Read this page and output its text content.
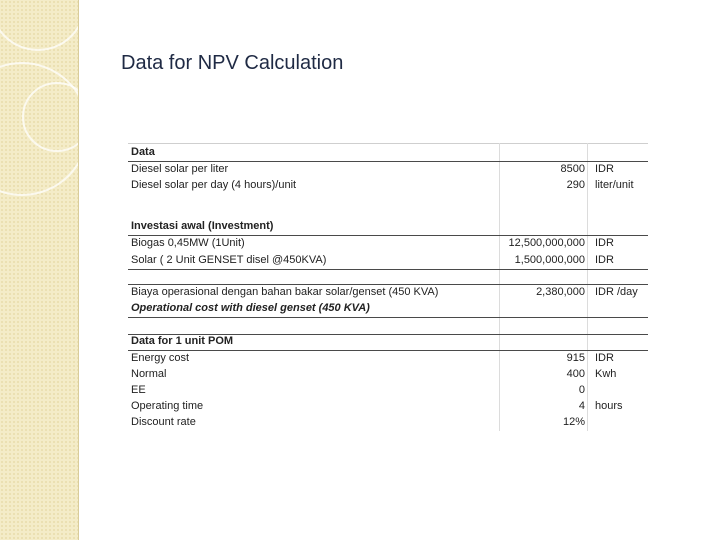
Data for NPV Calculation
Data
Diesel solar per liter	8500 IDR
Diesel solar per day (4 hours)/unit	290 liter/unit
Investasi awal (Investment)
Biogas 0,45MW (1Unit)	12,500,000,000 IDR
Solar ( 2 Unit GENSET disel @450KVA)	1,500,000,000 IDR
Biaya operasional dengan bahan bakar solar/genset (450 KVA)	2,380,000 IDR /day
Operational cost with diesel genset (450 KVA)
Data for 1 unit POM
Energy cost	915 IDR
Normal	400 Kwh
EE	0
Operating time	4 hours
Discount rate	12%
